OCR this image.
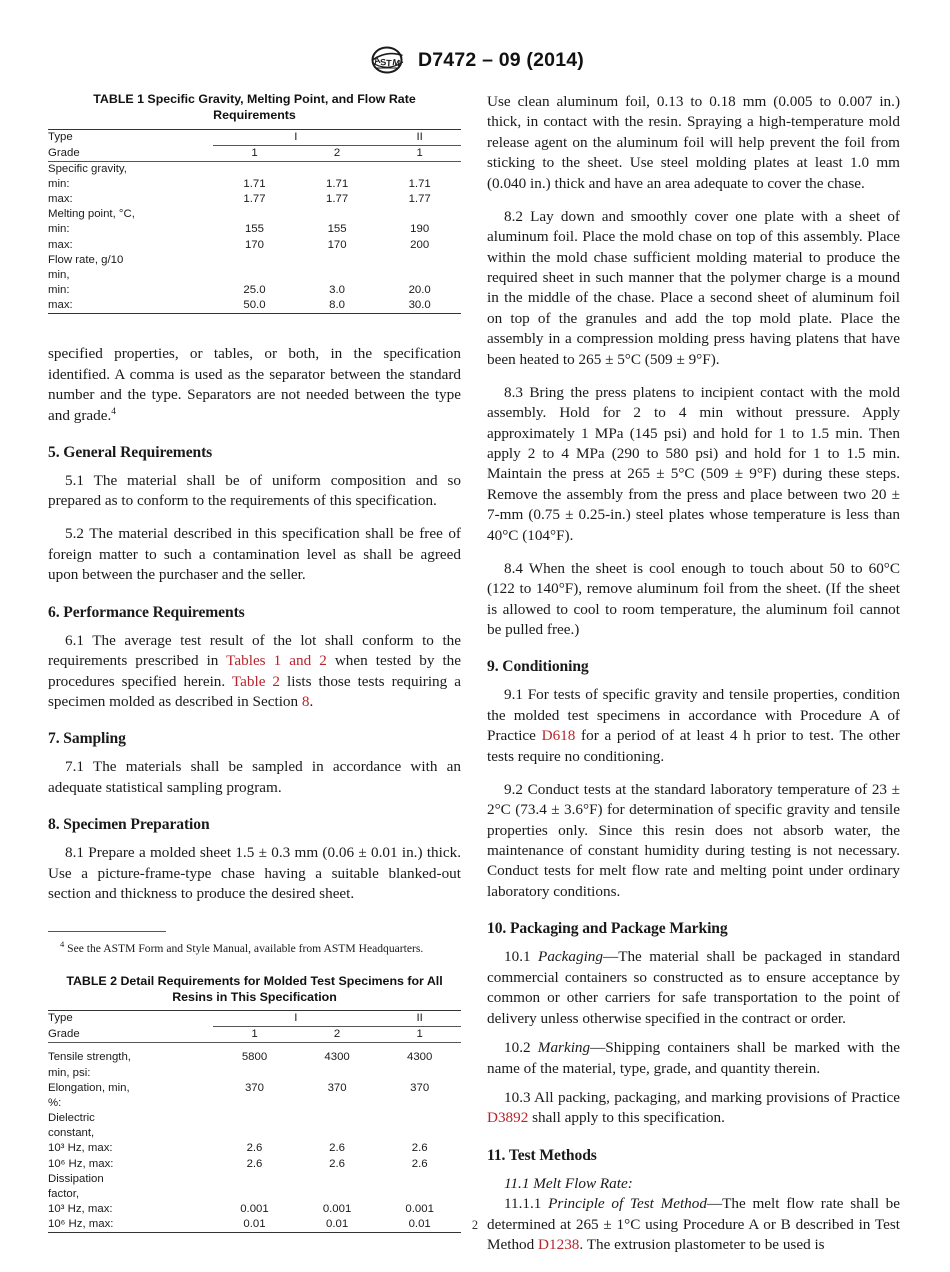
A
S T M D7472 – 09 (2014)
TABLE 1 Specific Gravity, Melting Point, and Flow Rate Requirements
Type	I		II

Grade	1	2	1
Specific gravity,			
min:	1.71	1.71	1.71
max:	1.77	1.77	1.77
Melting point, °C,			
min:	155	155	190
max:	170	170	200
Flow rate, g/10			
min,			
min:	25.0	3.0	20.0
max:	50.0	8.0	30.0

specified properties, or tables, or both, in the specification identified. A comma is used as the separator between the standard number and the type. Separators are not needed between the type and grade.$^4$

5. General Requirements

5.1 The material shall be of uniform composition and so prepared as to conform to the requirements of this specification.

5.2 The material described in this specification shall be free of foreign matter to such a contamination level as shall be agreed upon between the purchaser and the seller.

6. Performance Requirements

6.1 The average test result of the lot shall conform to the requirements prescribed in Tables 1 and 2 when tested by the procedures specified herein. Table 2 lists those tests requiring a specimen molded as described in Section 8.

7. Sampling

7.1 The materials shall be sampled in accordance with an adequate statistical sampling program.

8. Specimen Preparation

8.1 Prepare a molded sheet 1.5 ± 0.3 mm (0.06 ± 0.01 in.) thick. Use a picture-frame-type chase having a suitable blanked-out section and thickness to produce the desired sheet.

$^4$ See the ASTM Form and Style Manual, available from ASTM Headquarters.

TABLE 2 Detail Requirements for Molded Test Specimens for All Resins in This Specification
Type	I		II

Grade	1	2	1

Tensile strength,	5800	4300	4300
min, psi:			
Elongation, min,	370	370	370
%:			
Dielectric			
constant,			
10³ Hz, max:	2.6	2.6	2.6
10⁶ Hz, max:	2.6	2.6	2.6
Dissipation			
factor,			
10³ Hz, max:	0.001	0.001	0.001
10⁶ Hz, max:	0.01	0.01	0.01

Use clean aluminum foil, 0.13 to 0.18 mm (0.005 to 0.007 in.) thick, in contact with the resin. Spraying a high-temperature mold release agent on the aluminum foil will help prevent the foil from sticking to the sheet. Use steel molding plates at least 1.0 mm (0.040 in.) thick and have an area adequate to cover the chase.

8.2 Lay down and smoothly cover one plate with a sheet of aluminum foil. Place the mold chase on top of this assembly. Place within the mold chase sufficient molding material to produce the required sheet in such manner that the polymer charge is a mound in the middle of the chase. Place a second sheet of aluminum foil on top of the granules and add the top mold plate. Place the assembly in a compression molding press having platens that have been heated to 265 ± 5°C (509 ± 9°F).

8.3 Bring the press platens to incipient contact with the mold assembly. Hold for 2 to 4 min without pressure. Apply approximately 1 MPa (145 psi) and hold for 1 to 1.5 min. Then apply 2 to 4 MPa (290 to 580 psi) and hold for 1 to 1.5 min. Maintain the press at 265 ± 5°C (509 ± 9°F) during these steps. Remove the assembly from the press and place between two 20 ± 7-mm (0.75 ± 0.25-in.) steel plates whose temperature is less than 40°C (104°F).

8.4 When the sheet is cool enough to touch about 50 to 60°C (122 to 140°F), remove aluminum foil from the sheet. (If the sheet is allowed to cool to room temperature, the aluminum foil cannot be pulled free.)

9. Conditioning

9.1 For tests of specific gravity and tensile properties, condition the molded test specimens in accordance with Procedure A of Practice D618 for a period of at least 4 h prior to test. The other tests require no conditioning.

9.2 Conduct tests at the standard laboratory temperature of 23 ± 2°C (73.4 ± 3.6°F) for determination of specific gravity and tensile properties only. Since this resin does not absorb water, the maintenance of constant humidity during testing is not necessary. Conduct tests for melt flow rate and melting point under ordinary laboratory conditions.

10. Packaging and Package Marking

10.1 Packaging—The material shall be packaged in standard commercial containers so constructed as to ensure acceptance by common or other carriers for safe transportation to the point of delivery unless otherwise specified in the contract or order.

10.2 Marking—Shipping containers shall be marked with the name of the material, type, grade, and quantity therein.

10.3 All packing, packaging, and marking provisions of Practice D3892 shall apply to this specification.

11. Test Methods

11.1 Melt Flow Rate:

11.1.1 Principle of Test Method—The melt flow rate shall be determined at 265 ± 1°C using Procedure A or B described in Test Method D1238. The extrusion plastometer to be used is

2
